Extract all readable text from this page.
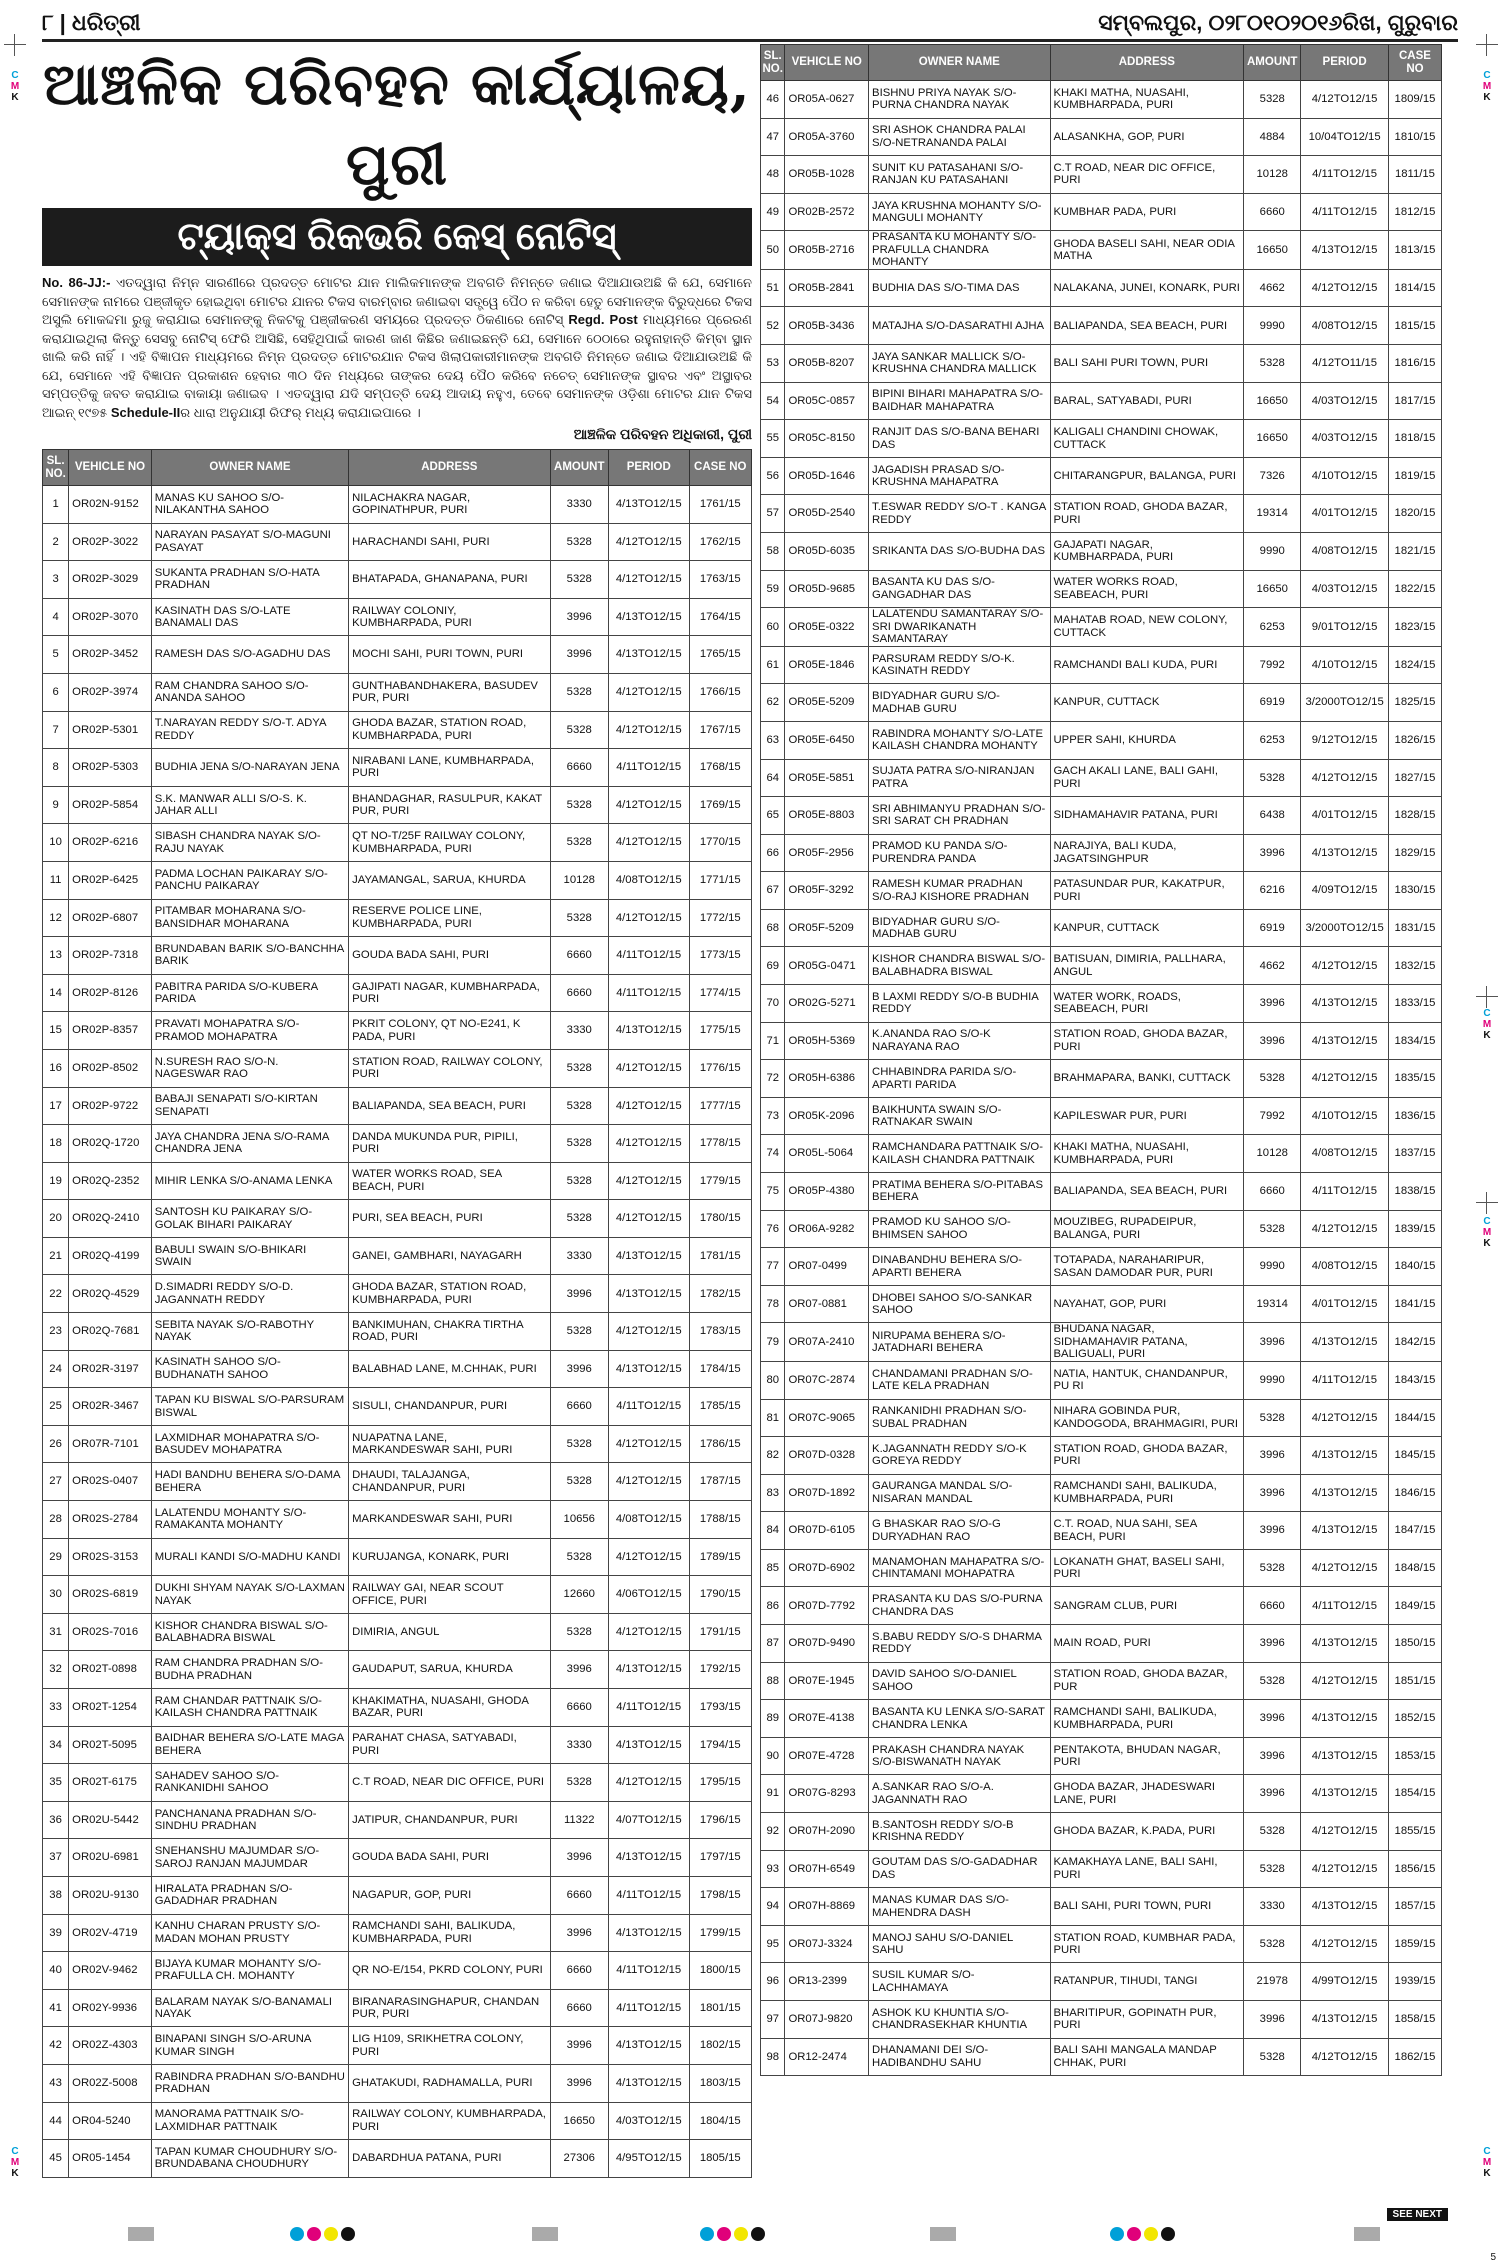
C
M
K
C
M
K
C
M
K
C
M
K
C
M
K
C
M
K
୮ | ଧରିତ୍ରୀ	ସମ୍ବଲପୁର, ୦୨୮୦୧୦୨୦୧୬ରିଖ, ଗୁରୁବାର
ଆଞ୍ଚଳିକ ପରିବହନ କାର୍ଯ୍ୟାଳୟ, ପୁରୀ
ଟ୍ୟାକ୍ସ ରିକଭରି କେସ୍ ନୋଟିସ୍
No. 86-JJ:- ଏତଦ୍ୱାରା ନିମ୍ନ ସାରଣୀରେ ପ୍ରଦତ୍ତ ମୋଟର ଯାନ ମାଲିକମାନଙ୍କ ଅବଗତି ନିମନ୍ତେ ଜଣାଇ ଦିଆଯାଉଅଛି କି ଯେ, ସେମାନେ ସେମାନଙ୍କ ନାମରେ ପଞ୍ଜୀକୃତ ହୋଇଥିବା ମୋଟର ଯାନର ଟିକସ ବାରମ୍ବାର ଜଣାଇବା ସତ୍ତ୍ୱେ ପୈଠ ନ କରିବା ହେତୁ ସେମାନଙ୍କ ବିରୁଦ୍ଧରେ ଟିକସ ଅସୁଲି ମୋକଦ୍ଦମା ରୁଜୁ କରାଯାଇ ସେମାନଙ୍କୁ ନିକଟକୁ ପଞ୍ଜୀକରଣ ସମୟରେ ପ୍ରଦତ୍ତ ଠିକଣାରେ ନୋଟିସ୍ Regd. Post ମାଧ୍ୟମରେ ପ୍ରେରଣ କରାଯାଇଥିଲା କିନ୍ତୁ ସେସବୁ ନୋଟିସ୍ ଫେରି ଆସିଛି, ସେହିଥିପାଇଁ କାରଣ ଜାଣ କିଛିର ଜଣାଇଛନ୍ତି ଯେ, ସେମାନେ ଠେଠାରେ ରହୁନାହାନ୍ତି କିମ୍ବା ସ୍ଥାନ ଖାଲି କରି ନାହିଁ । ଏହି ବିଜ୍ଞାପନ ମାଧ୍ୟମରେ ନିମ୍ନ ପ୍ରଦତ୍ତ ମୋଟରଯାନ ଟିକସ ଖିଲାପକାରୀମାନଙ୍କ ଅବଗତି ନିମନ୍ତେ ଜଣାଇ ଦିଆଯାଉଅଛି କି ଯେ, ସେମାନେ ଏହି ବିଜ୍ଞାପନ ପ୍ରକାଶନ ହେବାର ୩୦ ଦିନ ମଧ୍ୟରେ ତାଙ୍କର ଦେୟ ପୈଠ କରିବେ ନଚେତ୍ ସେମାନଙ୍କ ସ୍ଥାବର ଏବଂ ଅସ୍ଥାବର ସମ୍ପତ୍ତିକୁ ଜବତ କରାଯାଇ ବାକାୟା ଜଣାଇବ । ଏତଦ୍ୱାରା ଯଦି ସମ୍ପତ୍ତି ଦେୟ ଆଦାୟ ନହୁଏ, ତେବେ ସେମାନଙ୍କ ଓଡ଼ିଶା ମୋଟର ଯାନ ଟିକସ ଆଇନ୍ ୧୯୭୫ Schedule-IIର ଧାରା ଅନୁଯାୟୀ ରିଫର୍ ମଧ୍ୟ କରାଯାଇପାରେ ।
ଆଞ୍ଚଳିକ ପରିବହନ ଅଧିକାରୀ, ପୁରୀ
SL. NO.	VEHICLE NO	OWNER NAME	ADDRESS	AMOUNT	PERIOD	CASE NO
1	OR02N-9152	MANAS KU SAHOO S/O-NILAKANTHA SAHOO	NILACHAKRA NAGAR, GOPINATHPUR, PURI	3330	4/13TO12/15	1761/15
2	OR02P-3022	NARAYAN PASAYAT S/O-MAGUNI PASAYAT	HARACHANDI SAHI, PURI	5328	4/12TO12/15	1762/15
3	OR02P-3029	SUKANTA PRADHAN S/O-HATA PRADHAN	BHATAPADA, GHANAPANA, PURI	5328	4/12TO12/15	1763/15
4	OR02P-3070	KASINATH DAS S/O-LATE BANAMALI DAS	RAILWAY COLONIY, KUMBHARPADA, PURI	3996	4/13TO12/15	1764/15
5	OR02P-3452	RAMESH DAS S/O-AGADHU DAS	MOCHI SAHI, PURI TOWN, PURI	3996	4/13TO12/15	1765/15
6	OR02P-3974	RAM CHANDRA SAHOO S/O-ANANDA SAHOO	GUNTHABANDHAKERA, BASUDEV PUR, PURI	5328	4/12TO12/15	1766/15
7	OR02P-5301	T.NARAYAN REDDY S/O-T. ADYA REDDY	GHODA BAZAR, STATION ROAD, KUMBHARPADA, PURI	5328	4/12TO12/15	1767/15
8	OR02P-5303	BUDHIA JENA S/O-NARAYAN JENA	NIRABANI LANE, KUMBHARPADA, PURI	6660	4/11TO12/15	1768/15
9	OR02P-5854	S.K. MANWAR ALLI S/O-S. K. JAHAR ALLI	BHANDAGHAR, RASULPUR, KAKAT PUR, PURI	5328	4/12TO12/15	1769/15
10	OR02P-6216	SIBASH CHANDRA NAYAK S/O-RAJU NAYAK	QT NO-T/25F RAILWAY COLONY, KUMBHARPADA, PURI	5328	4/12TO12/15	1770/15
11	OR02P-6425	PADMA LOCHAN PAIKARAY S/O-PANCHU PAIKARAY	JAYAMANGAL, SARUA, KHURDA	10128	4/08TO12/15	1771/15
12	OR02P-6807	PITAMBAR MOHARANA S/O-BANSIDHAR MOHARANA	RESERVE POLICE LINE, KUMBHARPADA, PURI	5328	4/12TO12/15	1772/15
13	OR02P-7318	BRUNDABAN BARIK S/O-BANCHHA BARIK	GOUDA BADA SAHI, PURI	6660	4/11TO12/15	1773/15
14	OR02P-8126	PABITRA PARIDA S/O-KUBERA PARIDA	GAJIPATI NAGAR, KUMBHARPADA, PURI	6660	4/11TO12/15	1774/15
15	OR02P-8357	PRAVATI MOHAPATRA S/O-PRAMOD MOHAPATRA	PKRIT COLONY, QT NO-E241, K PADA, PURI	3330	4/13TO12/15	1775/15
16	OR02P-8502	N.SURESH RAO S/O-N. NAGESWAR RAO	STATION ROAD, RAILWAY COLONY, PURI	5328	4/12TO12/15	1776/15
17	OR02P-9722	BABAJI SENAPATI S/O-KIRTAN SENAPATI	BALIAPANDA, SEA BEACH, PURI	5328	4/12TO12/15	1777/15
18	OR02Q-1720	JAYA CHANDRA JENA S/O-RAMA CHANDRA JENA	DANDA MUKUNDA PUR, PIPILI, PURI	5328	4/12TO12/15	1778/15
19	OR02Q-2352	MIHIR LENKA S/O-ANAMA LENKA	WATER WORKS ROAD, SEA BEACH, PURI	5328	4/12TO12/15	1779/15
20	OR02Q-2410	SANTOSH KU PAIKARAY S/O-GOLAK BIHARI PAIKARAY	PURI, SEA BEACH, PURI	5328	4/12TO12/15	1780/15
21	OR02Q-4199	BABULI SWAIN S/O-BHIKARI SWAIN	GANEI, GAMBHARI, NAYAGARH	3330	4/13TO12/15	1781/15
22	OR02Q-4529	D.SIMADRI REDDY S/O-D. JAGANNATH REDDY	GHODA BAZAR, STATION ROAD, KUMBHARPADA, PURI	3996	4/13TO12/15	1782/15
23	OR02Q-7681	SEBITA NAYAK S/O-RABOTHY NAYAK	BANKIMUHAN, CHAKRA TIRTHA ROAD, PURI	5328	4/12TO12/15	1783/15
24	OR02R-3197	KASINATH SAHOO S/O-BUDHANATH SAHOO	BALABHAD LANE, M.CHHAK, PURI	3996	4/13TO12/15	1784/15
25	OR02R-3467	TAPAN KU BISWAL S/O-PARSURAM BISWAL	SISULI, CHANDANPUR, PURI	6660	4/11TO12/15	1785/15
26	OR07R-7101	LAXMIDHAR MOHAPATRA S/O-BASUDEV MOHAPATRA	NUAPATNA LANE, MARKANDESWAR SAHI, PURI	5328	4/12TO12/15	1786/15
27	OR02S-0407	HADI BANDHU BEHERA S/O-DAMA BEHERA	DHAUDI, TALAJANGA, CHANDANPUR, PURI	5328	4/12TO12/15	1787/15
28	OR02S-2784	LALATENDU MOHANTY S/O-RAMAKANTA MOHANTY	MARKANDESWAR SAHI, PURI	10656	4/08TO12/15	1788/15
29	OR02S-3153	MURALI KANDI S/O-MADHU KANDI	KURUJANGA, KONARK, PURI	5328	4/12TO12/15	1789/15
30	OR02S-6819	DUKHI SHYAM NAYAK S/O-LAXMAN NAYAK	RAILWAY GAI, NEAR SCOUT OFFICE, PURI	12660	4/06TO12/15	1790/15
31	OR02S-7016	KISHOR CHANDRA BISWAL S/O-BALABHADRA BISWAL	DIMIRIA, ANGUL	5328	4/12TO12/15	1791/15
32	OR02T-0898	RAM CHANDRA PRADHAN S/O-BUDHA PRADHAN	GAUDAPUT, SARUA, KHURDA	3996	4/13TO12/15	1792/15
33	OR02T-1254	RAM CHANDAR PATTNAIK S/O-KAILASH CHANDRA PATTNAIK	KHAKIMATHA, NUASAHI, GHODA BAZAR, PURI	6660	4/11TO12/15	1793/15
34	OR02T-5095	BAIDHAR BEHERA S/O-LATE MAGA BEHERA	PARAHAT CHASA, SATYABADI, PURI	3330	4/13TO12/15	1794/15
35	OR02T-6175	SAHADEV SAHOO S/O-RANKANIDHI SAHOO	C.T ROAD, NEAR DIC OFFICE, PURI	5328	4/12TO12/15	1795/15
36	OR02U-5442	PANCHANANA PRADHAN S/O-SINDHU PRADHAN	JATIPUR, CHANDANPUR, PURI	11322	4/07TO12/15	1796/15
37	OR02U-6981	SNEHANSHU MAJUMDAR S/O-SAROJ RANJAN MAJUMDAR	GOUDA BADA SAHI, PURI	3996	4/13TO12/15	1797/15
38	OR02U-9130	HIRALATA PRADHAN S/O-GADADHAR PRADHAN	NAGAPUR, GOP, PURI	6660	4/11TO12/15	1798/15
39	OR02V-4719	KANHU CHARAN PRUSTY S/O-MADAN MOHAN PRUSTY	RAMCHANDI SAHI, BALIKUDA, KUMBHARPADA, PURI	3996	4/13TO12/15	1799/15
40	OR02V-9462	BIJAYA KUMAR MOHANTY S/O-PRAFULLA CH. MOHANTY	QR NO-E/154, PKRD COLONY, PURI	6660	4/11TO12/15	1800/15
41	OR02Y-9936	BALARAM NAYAK S/O-BANAMALI NAYAK	BIRANARASINGHAPUR, CHANDAN PUR, PURI	6660	4/11TO12/15	1801/15
42	OR02Z-4303	BINAPANI SINGH S/O-ARUNA KUMAR SINGH	LIG H109, SRIKHETRA COLONY, PURI	3996	4/13TO12/15	1802/15
43	OR02Z-5008	RABINDRA PRADHAN S/O-BANDHU PRADHAN	GHATAKUDI, RADHAMALLA, PURI	3996	4/13TO12/15	1803/15
44	OR04-5240	MANORAMA PATTNAIK S/O-LAXMIDHAR PATTNAIK	RAILWAY COLONY, KUMBHARPADA, PURI	16650	4/03TO12/15	1804/15
45	OR05-1454	TAPAN KUMAR CHOUDHURY S/O-BRUNDABANA CHOUDHURY	DABARDHUA PATANA, PURI	27306	4/95TO12/15	1805/15
SL. NO.	VEHICLE NO	OWNER NAME	ADDRESS	AMOUNT	PERIOD	CASE NO
46	OR05A-0627	BISHNU PRIYA NAYAK S/O-PURNA CHANDRA NAYAK	KHAKI MATHA, NUASAHI, KUMBHARPADA, PURI	5328	4/12TO12/15	1809/15
47	OR05A-3760	SRI ASHOK CHANDRA PALAI S/O-NETRANANDA PALAI	ALASANKHA, GOP, PURI	4884	10/04TO12/15	1810/15
48	OR05B-1028	SUNIT KU PATASAHANI S/O-RANJAN KU PATASAHANI	C.T ROAD, NEAR DIC OFFICE, PURI	10128	4/11TO12/15	1811/15
49	OR02B-2572	JAYA KRUSHNA MOHANTY S/O-MANGULI MOHANTY	KUMBHAR PADA, PURI	6660	4/11TO12/15	1812/15
50	OR05B-2716	PRASANTA KU MOHANTY S/O-PRAFULLA CHANDRA MOHANTY	GHODA BASELI SAHI, NEAR ODIA MATHA	16650	4/13TO12/15	1813/15
51	OR05B-2841	BUDHIA DAS S/O-TIMA DAS	NALAKANA, JUNEI, KONARK, PURI	4662	4/12TO12/15	1814/15
52	OR05B-3436	MATAJHA S/O-DASARATHI AJHA	BALIAPANDA, SEA BEACH, PURI	9990	4/08TO12/15	1815/15
53	OR05B-8207	JAYA SANKAR MALLICK S/O-KRUSHNA CHANDRA MALLICK	BALI SAHI PURI TOWN, PURI	5328	4/12TO11/15	1816/15
54	OR05C-0857	BIPINI BIHARI MAHAPATRA S/O-BAIDHAR MAHAPATRA	BARAL, SATYABADI, PURI	16650	4/03TO12/15	1817/15
55	OR05C-8150	RANJIT DAS S/O-BANA BEHARI DAS	KALIGALI CHANDINI CHOWAK, CUTTACK	16650	4/03TO12/15	1818/15
56	OR05D-1646	JAGADISH PRASAD S/O-KRUSHNA MAHAPATRA	CHITARANGPUR, BALANGA, PURI	7326	4/10TO12/15	1819/15
57	OR05D-2540	T.ESWAR REDDY S/O-T . KANGA REDDY	STATION ROAD, GHODA BAZAR, PURI	19314	4/01TO12/15	1820/15
58	OR05D-6035	SRIKANTA DAS S/O-BUDHA DAS	GAJAPATI NAGAR, KUMBHARPADA, PURI	9990	4/08TO12/15	1821/15
59	OR05D-9685	BASANTA KU DAS S/O-GANGADHAR DAS	WATER WORKS ROAD, SEABEACH, PURI	16650	4/03TO12/15	1822/15
60	OR05E-0322	LALATENDU SAMANTARAY S/O-SRI DWARIKANATH SAMANTARAY	MAHATAB ROAD, NEW COLONY, CUTTACK	6253	9/01TO12/15	1823/15
61	OR05E-1846	PARSURAM REDDY S/O-K. KASINATH REDDY	RAMCHANDI BALI KUDA, PURI	7992	4/10TO12/15	1824/15
62	OR05E-5209	BIDYADHAR GURU S/O-MADHAB GURU	KANPUR, CUTTACK	6919	3/2000TO12/15	1825/15
63	OR05E-6450	RABINDRA MOHANTY S/O-LATE KAILASH CHANDRA MOHANTY	UPPER SAHI, KHURDA	6253	9/12TO12/15	1826/15
64	OR05E-5851	SUJATA PATRA S/O-NIRANJAN PATRA	GACH AKALI LANE, BALI GAHI, PURI	5328	4/12TO12/15	1827/15
65	OR05E-8803	SRI ABHIMANYU PRADHAN S/O-SRI SARAT CH PRADHAN	SIDHAMAHAVIR PATANA, PURI	6438	4/01TO12/15	1828/15
66	OR05F-2956	PRAMOD KU PANDA S/O-PURENDRA PANDA	NARAJIYA, BALI KUDA, JAGATSINGHPUR	3996	4/13TO12/15	1829/15
67	OR05F-3292	RAMESH KUMAR PRADHAN S/O-RAJ KISHORE PRADHAN	PATASUNDAR PUR, KAKATPUR, PURI	6216	4/09TO12/15	1830/15
68	OR05F-5209	BIDYADHAR GURU S/O-MADHAB GURU	KANPUR, CUTTACK	6919	3/2000TO12/15	1831/15
69	OR05G-0471	KISHOR CHANDRA BISWAL S/O-BALABHADRA BISWAL	BATISUAN, DIMIRIA, PALLHARA, ANGUL	4662	4/12TO12/15	1832/15
70	OR02G-5271	B LAXMI REDDY S/O-B BUDHIA REDDY	WATER WORK, ROADS, SEABEACH, PURI	3996	4/13TO12/15	1833/15
71	OR05H-5369	K.ANANDA RAO S/O-K NARAYANA RAO	STATION ROAD, GHODA BAZAR, PURI	3996	4/13TO12/15	1834/15
72	OR05H-6386	CHHABINDRA PARIDA S/O-APARTI PARIDA	BRAHMAPARA, BANKI, CUTTACK	5328	4/12TO12/15	1835/15
73	OR05K-2096	BAIKHUNTA SWAIN S/O-RATNAKAR SWAIN	KAPILESWAR PUR, PURI	7992	4/10TO12/15	1836/15
74	OR05L-5064	RAMCHANDARA PATTNAIK S/O-KAILASH CHANDRA PATTNAIK	KHAKI MATHA, NUASAHI, KUMBHARPADA, PURI	10128	4/08TO12/15	1837/15
75	OR05P-4380	PRATIMA BEHERA S/O-PITABAS BEHERA	BALIAPANDA, SEA BEACH, PURI	6660	4/11TO12/15	1838/15
76	OR06A-9282	PRAMOD KU SAHOO S/O-BHIMSEN SAHOO	MOUZIBEG, RUPADEIPUR, BALANGA, PURI	5328	4/12TO12/15	1839/15
77	OR07-0499	DINABANDHU BEHERA S/O-APARTI BEHERA	TOTAPADA, NARAHARIPUR, SASAN DAMODAR PUR, PURI	9990	4/08TO12/15	1840/15
78	OR07-0881	DHOBEI SAHOO S/O-SANKAR SAHOO	NAYAHAT, GOP, PURI	19314	4/01TO12/15	1841/15
79	OR07A-2410	NIRUPAMA BEHERA S/O-JATADHARI BEHERA	BHUDANA NAGAR, SIDHAMAHAVIR PATANA, BALIGUALI, PURI	3996	4/13TO12/15	1842/15
80	OR07C-2874	CHANDAMANI PRADHAN S/O-LATE KELA PRADHAN	NATIA, HANTUK, CHANDANPUR, PU RI	9990	4/11TO12/15	1843/15
81	OR07C-9065	RANKANIDHI PRADHAN S/O-SUBAL PRADHAN	NIHARA GOBINDA PUR, KANDOGODA, BRAHMAGIRI, PURI	5328	4/12TO12/15	1844/15
82	OR07D-0328	K.JAGANNATH REDDY S/O-K GOREYA REDDY	STATION ROAD, GHODA BAZAR, PURI	3996	4/13TO12/15	1845/15
83	OR07D-1892	GAURANGA MANDAL S/O-NISARAN MANDAL	RAMCHANDI SAHI, BALIKUDA, KUMBHARPADA, PURI	3996	4/13TO12/15	1846/15
84	OR07D-6105	G BHASKAR RAO S/O-G DURYADHAN RAO	C.T. ROAD, NUA SAHI, SEA BEACH, PURI	3996	4/13TO12/15	1847/15
85	OR07D-6902	MANAMOHAN MAHAPATRA S/O-CHINTAMANI MOHAPATRA	LOKANATH GHAT, BASELI SAHI, PURI	5328	4/12TO12/15	1848/15
86	OR07D-7792	PRASANTA KU DAS S/O-PURNA CHANDRA DAS	SANGRAM CLUB, PURI	6660	4/11TO12/15	1849/15
87	OR07D-9490	S.BABU REDDY S/O-S DHARMA REDDY	MAIN ROAD, PURI	3996	4/13TO12/15	1850/15
88	OR07E-1945	DAVID SAHOO S/O-DANIEL SAHOO	STATION ROAD, GHODA BAZAR, PUR	5328	4/12TO12/15	1851/15
89	OR07E-4138	BASANTA KU LENKA S/O-SARAT CHANDRA LENKA	RAMCHANDI SAHI, BALIKUDA, KUMBHARPADA, PURI	3996	4/13TO12/15	1852/15
90	OR07E-4728	PRAKASH CHANDRA NAYAK S/O-BISWANATH NAYAK	PENTAKOTA, BHUDAN NAGAR, PURI	3996	4/13TO12/15	1853/15
91	OR07G-8293	A.SANKAR RAO S/O-A. JAGANNATH RAO	GHODA BAZAR, JHADESWARI LANE, PURI	3996	4/13TO12/15	1854/15
92	OR07H-2090	B.SANTOSH REDDY S/O-B KRISHNA REDDY	GHODA BAZAR, K.PADA, PURI	5328	4/12TO12/15	1855/15
93	OR07H-6549	GOUTAM DAS S/O-GADADHAR DAS	KAMAKHAYA LANE, BALI SAHI, PURI	5328	4/12TO12/15	1856/15
94	OR07H-8869	MANAS KUMAR DAS S/O-MAHENDRA DASH	BALI SAHI, PURI TOWN, PURI	3330	4/13TO12/15	1857/15
95	OR07J-3324	MANOJ SAHU S/O-DANIEL SAHU	STATION ROAD, KUMBHAR PADA, PURI	5328	4/12TO12/15	1859/15
96	OR13-2399	SUSIL KUMAR S/O-LACHHAMAYA	RATANPUR, TIHUDI, TANGI	21978	4/99TO12/15	1939/15
97	OR07J-9820	ASHOK KU KHUNTIA S/O-CHANDRASEKHAR KHUNTIA	BHARITIPUR, GOPINATH PUR, PURI	3996	4/13TO12/15	1858/15
98	OR12-2474	DHANAMANI DEI S/O-HADIBANDHU SAHU	BALI SAHI MANGALA MANDAP CHHAK, PURI	5328	4/12TO12/15	1862/15
SEE NEXT
5
